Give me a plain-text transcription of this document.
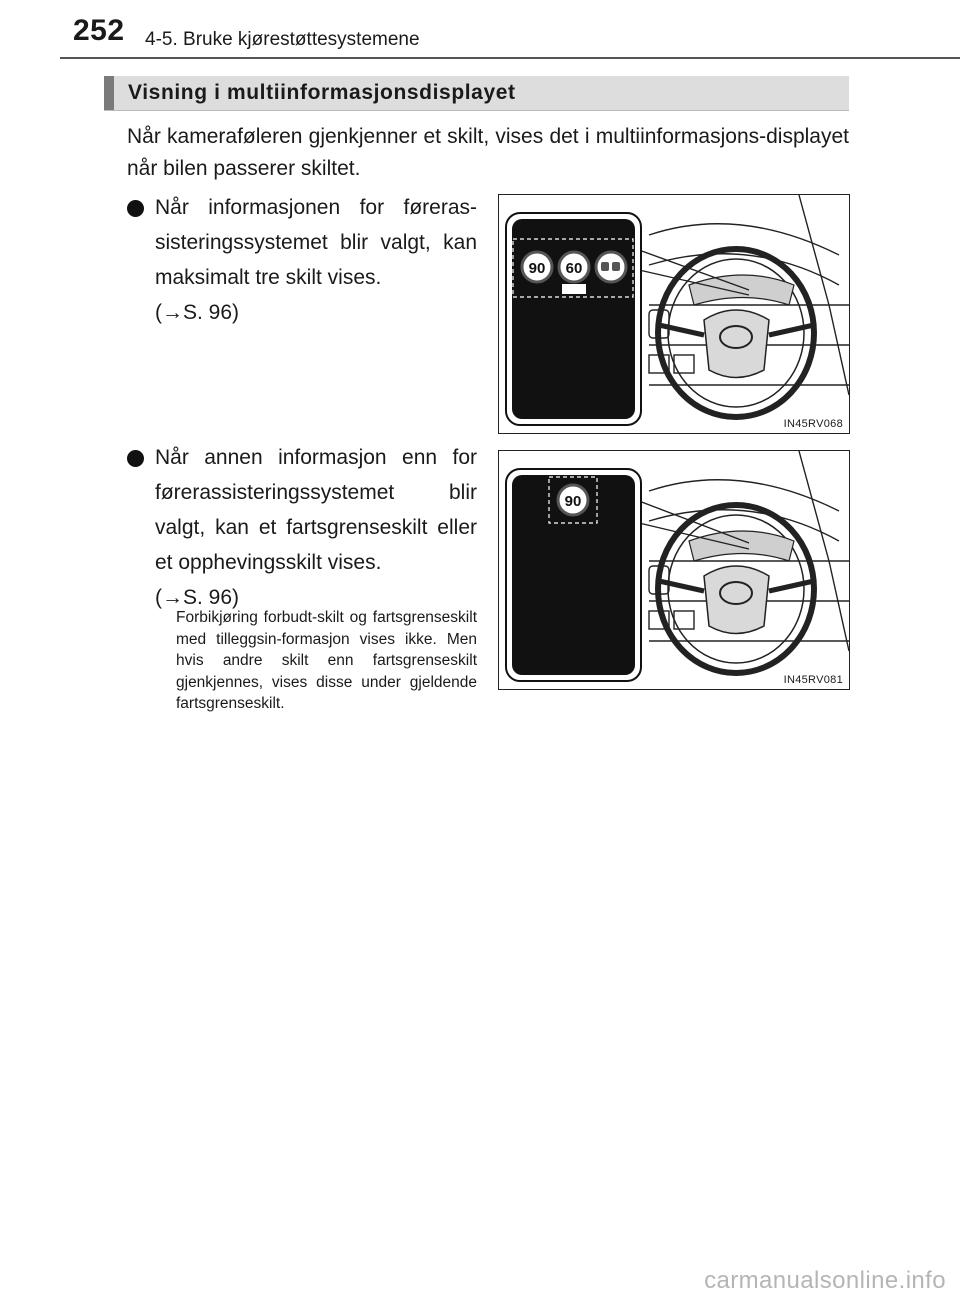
252 4-5. Bruke kjørestøttesystemene
Visning i multiinformasjonsdisplayet
Når kameraføleren gjenkjenner et skilt, vises det i multiinformasjons-displayet når bilen passerer skiltet.
Når informasjonen for føreras-sisteringssystemet blir valgt, kan maksimalt tre skilt vises.
(→S. 96)
90 60
IN45RV068
Når annen informasjon enn for førerassisteringssystemet blir valgt, kan et fartsgrenseskilt eller et opphevingsskilt vises.
(→S. 96)
90
IN45RV081
Forbikjøring forbudt-skilt og fartsgrenseskilt med tilleggsin-formasjon vises ikke. Men hvis andre skilt enn fartsgrenseskilt gjenkjennes, vises disse under gjeldende fartsgrenseskilt.
carmanualsonline.info
